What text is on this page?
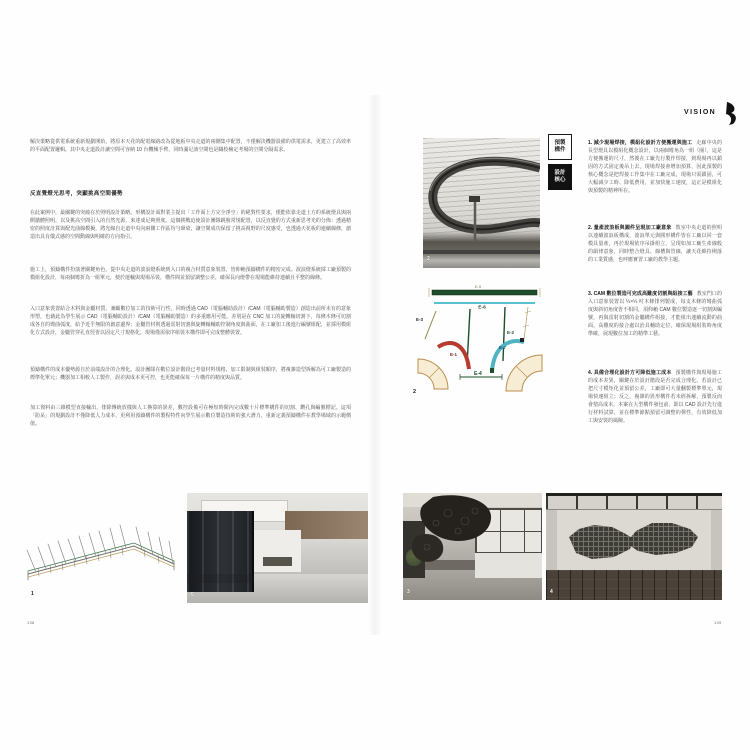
VISION

解決策略從供電系統重新規劃開始，將原本天花的配電線路改為從地板中央走道的兩側集中配置，不僅解決機器設備的供電需求，更建立了高效率的平面配置邏輯。其中央走道設計讓空間可容納 10 台機械手臂，同時滿足該空間也是職校檢定考場的空間分隔需求。

反直覺燈光思考，突顯挑高空間優勢

在此案例中，最關鍵的突破在於照明設計策略。形構設計面對業主提出「工作面上方完全淨空」的絕對性要求，僅能依靠走道上方的系統燈具與兩側牆體照明，以及挑高空間引入的自然光源，來達成足夠照度。這個挑戰迫使設計團隊跳脫常規配置，以反直覺的方式重新思考光的分佈：透過精密的照度計算與配光曲線模擬，將光線自走道中央向兩側工作區均勻暈染，讓空間成功保留了挑高視野的尺度感受，也透過天花板的連續線條，創造出具有儀式感的空間動線與明確的方向指引。

施工上，預鑄構件扮演著關鍵角色。從中央走道的波浪燈系統到入口的複合材質意象裝置，皆仰賴預鑄構件的精密完成。波浪燈系統採工廠預製的模組化設計，每兩個彎折為一組單元，便於運輸與現場吊裝，構件間並預留調整公差，確保長向燈帶在現場能維持連續且平整的線條。

入口意象裝置結合木料與金屬材質，兼顧數位加工的技術可行性，同時透過 CAD（電腦輔助設計）/CAM（電腦輔助製造）創造出前所未有的意象形塑，也藉此為學生展示 CAD（電腦輔助設計）/CAM（電腦輔助製造）的多重應用可能。差別是在 CNC 加工的旋轉軸切割下，每條木條可切割成各自的彎曲弧度，給予近乎無限的創意邊界；金屬管材則透過雷射切割與旋轉軸輔助控制角度與曲面，在工廠加工後進行編號組配，並採用模組化方式設計，金屬管穿孔直徑皆以固定尺寸規格化，現場僅需依序組裝木構件即可完成整體裝置。

預鑄構件的成本優勢源自於前端設計的合理化。設計團隊在數位設計階段已考量材料規格、加工限制與組裝順序，將複雜造型拆解為可工廠製造的標準化單元；機器加工相較人工製作，誤差與成本更可控，也更能確保每一片構件的精度與品質。

加工資料由三維模型直接輸出，排除傳統放樣與人工換算的誤差，數控設備可在極短時間內完成數十片標準構件的切割、鑽孔與編號標記。這項「防呆」的規劃設計不僅降低人力成本，更利用預鑄構件的製程特性向學生展示數位製造技術的強大潛力，重新定義預鑄構件在教學場域的示範價值。

1	5
138
2
E-5
E-6
E-3
E-2
E-1
E-7
E-4
2
預製
構件
設計
核心

1. 減少現場焊接，模組化設計方便搬運與施工 走廊中央的長型燈具以模組化概念設計，以兩個彎角為一組（圈），這是方便搬運的尺寸，然後在工廠先行製作焊接，到現場再以鎖固的方式固定後吊上去。現場焊接會增加預算，因此預製的核心概念是把焊接工作集中在工廠完成，現場只需鎖固，可大幅減少工時、降低費用，並加快施工速度，這正是模組化與預製的精神所在。

2. 量產波浪板與圓件呈現加工廠意象 教室中央走道的照明以連續波浪板構成，波浪單元與圓形構件皆在工廠以同一套模具量產，再於現場依序吊掛組立，呈現如加工廠生產線般的韻律意象，同時整合燈具、線槽與管線，讓天花維持俐落的工業質感，也呼應實習工廠的教學主題。

3. CAM 數位製造可完成高難度切割與組接工藝 教室門口的入口意象裝置以 ¼×¼ 吋木條排列製成，每支木條的彎曲弧度與斜切角度皆不相同，須仰賴 CAM 數位製造逐一切割與編號，再與雷射切割的金屬構件組接，才能組出連續流動的曲面。高難度的接合處以治具輔助定位，確保現場組裝時角度準確，展現數位加工的精準工藝。

4. 具備合理化設計方可降低施工成本 預製構件與現場施工的成本差異，關鍵在於設計階段是否完成合理化。若設計已把尺寸模矩化並預留公差，工廠即可大量翻製標準單元，現場快速組立；反之，複雜的異形構件若未經拆解，預製反而會墊高成本。本案在大型構件發包前，即以 CAD 設計先行進行材料試算，並在標準節點預留可調整的彈性，有效降低加工與安裝的風險。

3	4
139
